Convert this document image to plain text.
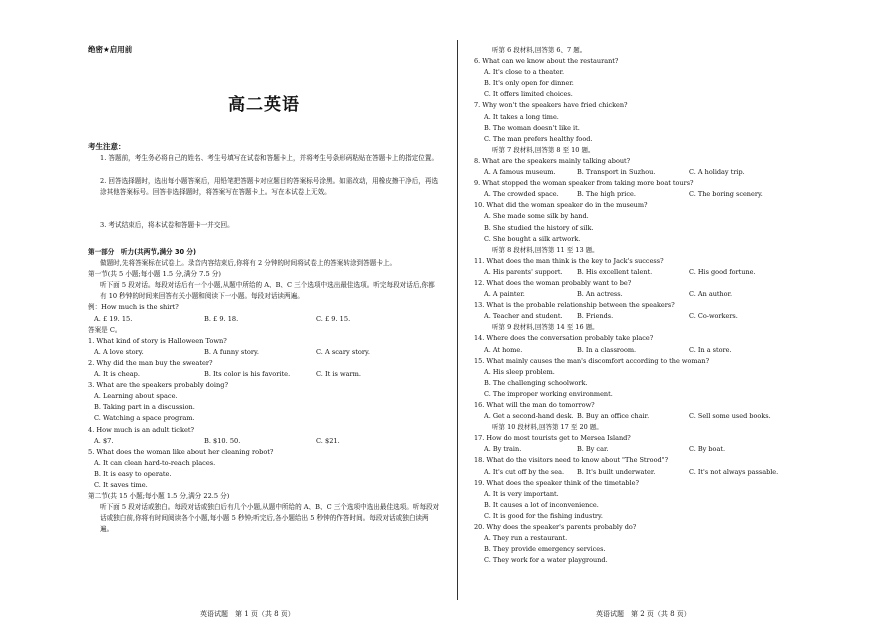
绝密★启用前
高二英语
考生注意：
1. 答题前，考生务必将自己的姓名、考生号填写在试卷和答题卡上，并将考生号条形码粘贴在答题卡上的指定位置。
2. 回答选择题时，选出每小题答案后，用铅笔把答题卡对应题目的答案标号涂黑。如需改动，用橡皮擦干净后，再选涂其他答案标号。回答非选择题时，将答案写在答题卡上。写在本试卷上无效。
3. 考试结束后，将本试卷和答题卡一并交回。
第一部分　听力(共两节,满分 30 分)
做题时,先将答案标在试卷上。录音内容结束后,你将有 2 分钟的时间将试卷上的答案转涂到答题卡上。
第一节(共 5 小题;每小题 1.5 分,满分 7.5 分)
听下面 5 段对话。每段对话后有一个小题,从题中所给的 A、B、C 三个选项中选出最佳选项。听完每段对话后,你都有 10 秒钟的时间来回答有关小题和阅读下一小题。每段对话读两遍。
例：How much is the shirt?
A. £ 19. 15.	B. £ 9. 18.	C. £ 9. 15.
答案是 C。
1. What kind of story is Halloween Town?
A. A love story.	B. A funny story.	C. A scary story.
2. Why did the man buy the sweater?
A. It is cheap.	B. Its color is his favorite.	C. It is warm.
3. What are the speakers probably doing?
A. Learning about space.
B. Taking part in a discussion.
C. Watching a space program.
4. How much is an adult ticket?
A. $7.	B. $10. 50.	C. $21.
5. What does the woman like about her cleaning robot?
A. It can clean hard-to-reach places.
B. It is easy to operate.
C. It saves time.
第二节(共 15 小题;每小题 1.5 分,满分 22.5 分)
听下面 5 段对话或独白。每段对话或独白后有几个小题,从题中所给的 A、B、C 三个选项中选出最佳选项。听每段对话或独白前,你将有时间阅读各个小题,每小题 5 秒钟;听完后,各小题给出 5 秒钟的作答时间。每段对话或独白读两遍。
英语试题　第 1 页（共 8 页）
听第 6 段材料,回答第 6、7 题。
6. What can we know about the restaurant?
A. It's close to a theater.
B. It's only open for dinner.
C. It offers limited choices.
7. Why won't the speakers have fried chicken?
A. It takes a long time.
B. The woman doesn't like it.
C. The man prefers healthy food.
听第 7 段材料,回答第 8 至 10 题。
8. What are the speakers mainly talking about?
A. A famous museum.	B. Transport in Suzhou.	C. A holiday trip.
9. What stopped the woman speaker from taking more boat tours?
A. The crowded space.	B. The high price.	C. The boring scenery.
10. What did the woman speaker do in the museum?
A. She made some silk by hand.
B. She studied the history of silk.
C. She bought a silk artwork.
听第 8 段材料,回答第 11 至 13 题。
11. What does the man think is the key to Jack's success?
A. His parents' support.	B. His excellent talent.	C. His good fortune.
12. What does the woman probably want to be?
A. A painter.	B. An actress.	C. An author.
13. What is the probable relationship between the speakers?
A. Teacher and student.	B. Friends.	C. Co-workers.
听第 9 段材料,回答第 14 至 16 题。
14. Where does the conversation probably take place?
A. At home.	B. In a classroom.	C. In a store.
15. What mainly causes the man's discomfort according to the woman?
A. His sleep problem.
B. The challenging schoolwork.
C. The improper working environment.
16. What will the man do tomorrow?
A. Get a second-hand desk. B. Buy an office chair.	C. Sell some used books.
听第 10 段材料,回答第 17 至 20 题。
17. How do most tourists get to Mersea Island?
A. By train.	B. By car.	C. By boat.
18. What do the visitors need to know about "The Strood"?
A. It's cut off by the sea.	B. It's built underwater.	C. It's not always passable.
19. What does the speaker think of the timetable?
A. It is very important.
B. It causes a lot of inconvenience.
C. It is good for the fishing industry.
20. Why does the speaker's parents probably do?
A. They run a restaurant.
B. They provide emergency services.
C. They work for a water playground.
英语试题　第 2 页（共 8 页）
